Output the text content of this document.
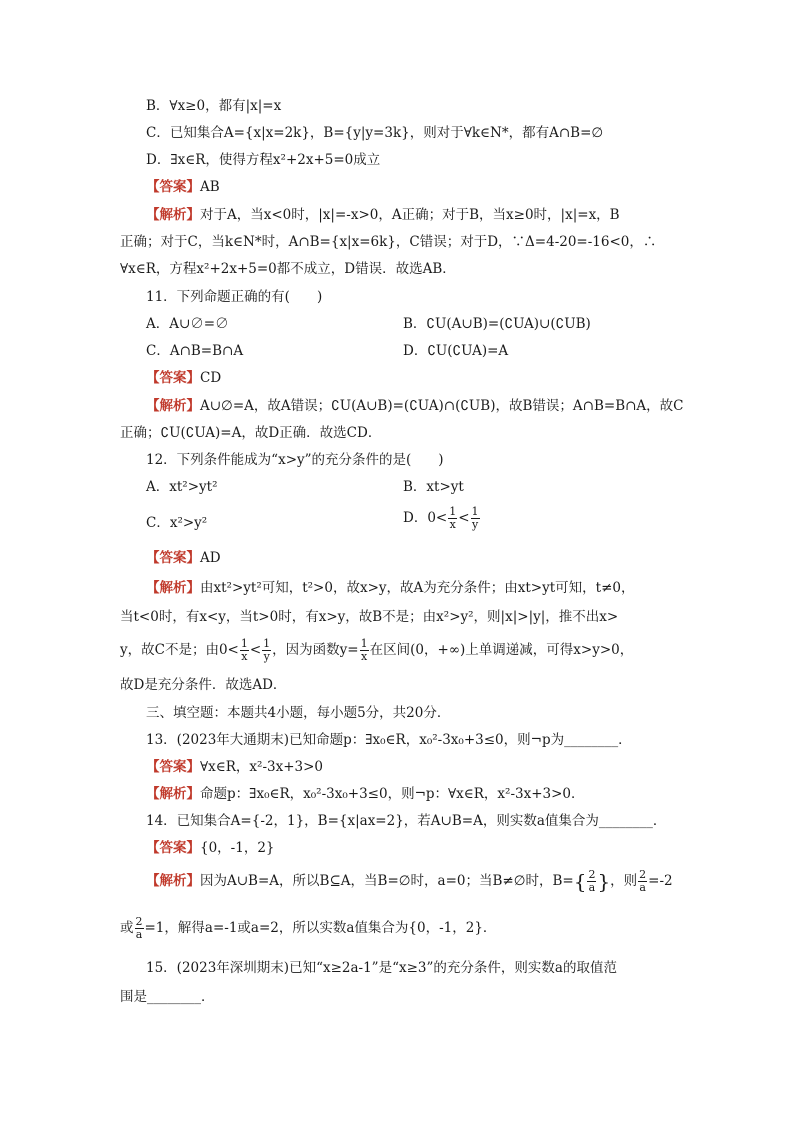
B．∀x≥0，都有|x|=x
C．已知集合A={x|x=2k}，B={y|y=3k}，则对于∀k∈N*，都有A∩B=∅
D．∃x∈R，使得方程x²+2x+5=0成立
【答案】AB
【解析】对于A，当x<0时，|x|=-x>0，A正确；对于B，当x≥0时，|x|=x，B
正确；对于C，当k∈N*时，A∩B={x|x=6k}，C错误；对于D，∵Δ=4-20=-16<0，∴
∀x∈R，方程x²+2x+5=0都不成立，D错误．故选AB．
11．下列命题正确的有(　　)
A．A∪∅=∅	B．∁U(A∪B)=(∁UA)∪(∁UB)
C．A∩B=B∩A	D．∁U(∁UA)=A
【答案】CD
【解析】A∪∅=A，故A错误；∁U(A∪B)=(∁UA)∩(∁UB)，故B错误；A∩B=B∩A，故C
正确；∁U(∁UA)=A，故D正确．故选CD．
12．下列条件能成为“x>y”的充分条件的是(　　)
A．xt²>yt²	B．xt>yt
C．x²>y²	D．$0< \frac{1}{x} < \frac{1}{y}$
【答案】AD
【解析】由xt²>yt²可知，t²>0，故x>y，故A为充分条件；由xt>yt可知，t≠0，
当t<0时，有x<y，当t>0时，有x>y，故B不是；由x²>y²，则|x|>|y|，推不出x>
y，故C不是；由$0< \frac{1}{x} < \frac{1}{y}$ ，因为函数$y= \frac{1}{x}$ 在区间(0，+∞)上单调递减，可得x>y>0，
故D是充分条件．故选AD．
三、填空题：本题共4小题，每小题5分，共20分．
13．(2023年大通期末)已知命题p：∃x₀∈R，x₀²-3x₀+3≤0，则¬p为________．
【答案】∀x∈R，x²-3x+3>0
【解析】命题p：∃x₀∈R，x₀²-3x₀+3≤0，则¬p：∀x∈R，x²-3x+3>0．
14．已知集合A={-2，1}，B={x|ax=2}，若A∪B=A，则实数a值集合为________．
【答案】{0，-1，2}
【解析】因为A∪B=A，所以B⊆A，当B=∅时，a=0；当B≠∅时，$B=\{ \frac{2}{a}$ }，则 $\frac{2}{a} =-2$
或 $\frac{2}{a} =1$，解得a=-1或a=2，所以实数a值集合为{0，-1，2}．
15．(2023年深圳期末)已知“x≥2a-1”是“x≥3”的充分条件，则实数a的取值范
围是________．
